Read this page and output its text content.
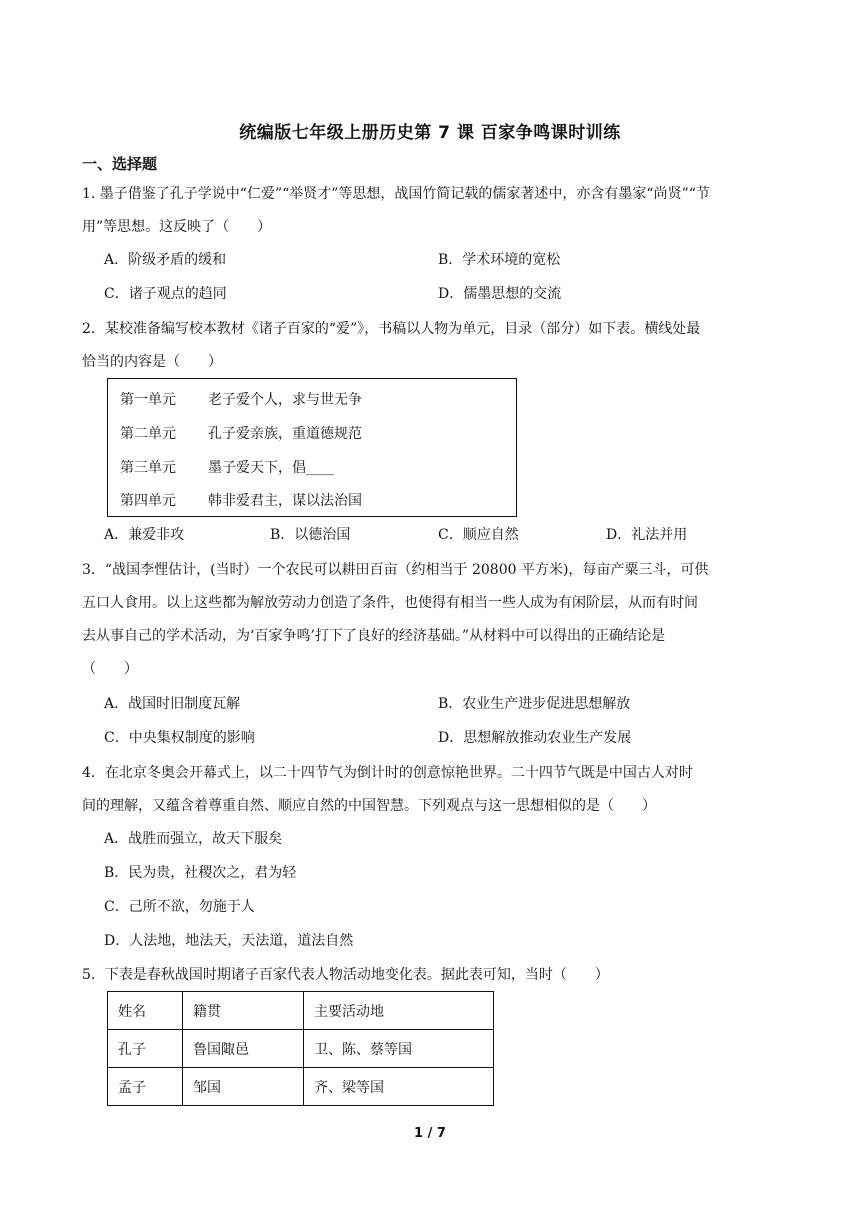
统编版七年级上册历史第 7 课 百家争鸣课时训练
一、选择题
1. 墨子借鉴了孔子学说中“仁爱”“举贤才”等思想，战国竹简记载的儒家著述中，亦含有墨家“尚贤”“节
用”等思想。这反映了（　　）
A．阶级矛盾的缓和	B．学术环境的宽松
C．诸子观点的趋同	D．儒墨思想的交流
2．某校准备编写校本教材《诸子百家的“爱”》，书稿以人物为单元，目录（部分）如下表。横线处最
恰当的内容是（　　）
第一单元 老子爱个人，求与世无争
第二单元 孔子爱亲族，重道德规范
第三单元 墨子爱天下，倡____
第四单元 韩非爱君主，谋以法治国
A．兼爱非攻	B．以德治国	C．顺应自然	D．礼法并用
3．“战国李悝估计，(当时）一个农民可以耕田百亩（约相当于 20800 平方米)，每亩产粟三斗，可供
五口人食用。以上这些都为解放劳动力创造了条件，也使得有相当一些人成为有闲阶层，从而有时间
去从事自己的学术活动，为‘百家争鸣’打下了良好的经济基础。”从材料中可以得出的正确结论是
（　　）
A．战国时旧制度瓦解	B．农业生产进步促进思想解放
C．中央集权制度的影响	D．思想解放推动农业生产发展
4．在北京冬奥会开幕式上，以二十四节气为倒计时的创意惊艳世界。二十四节气既是中国古人对时
间的理解，又蕴含着尊重自然、顺应自然的中国智慧。下列观点与这一思想相似的是（　　）
A．战胜而强立，故天下服矣
B．民为贵，社稷次之，君为轻
C．己所不欲，勿施于人
D．人法地，地法天，天法道，道法自然
5．下表是春秋战国时期诸子百家代表人物活动地变化表。据此表可知，当时（　　）
姓名	籍贯	主要活动地
孔子	鲁国陬邑	卫、陈、蔡等国
孟子	邹国	齐、梁等国
1 / 7
